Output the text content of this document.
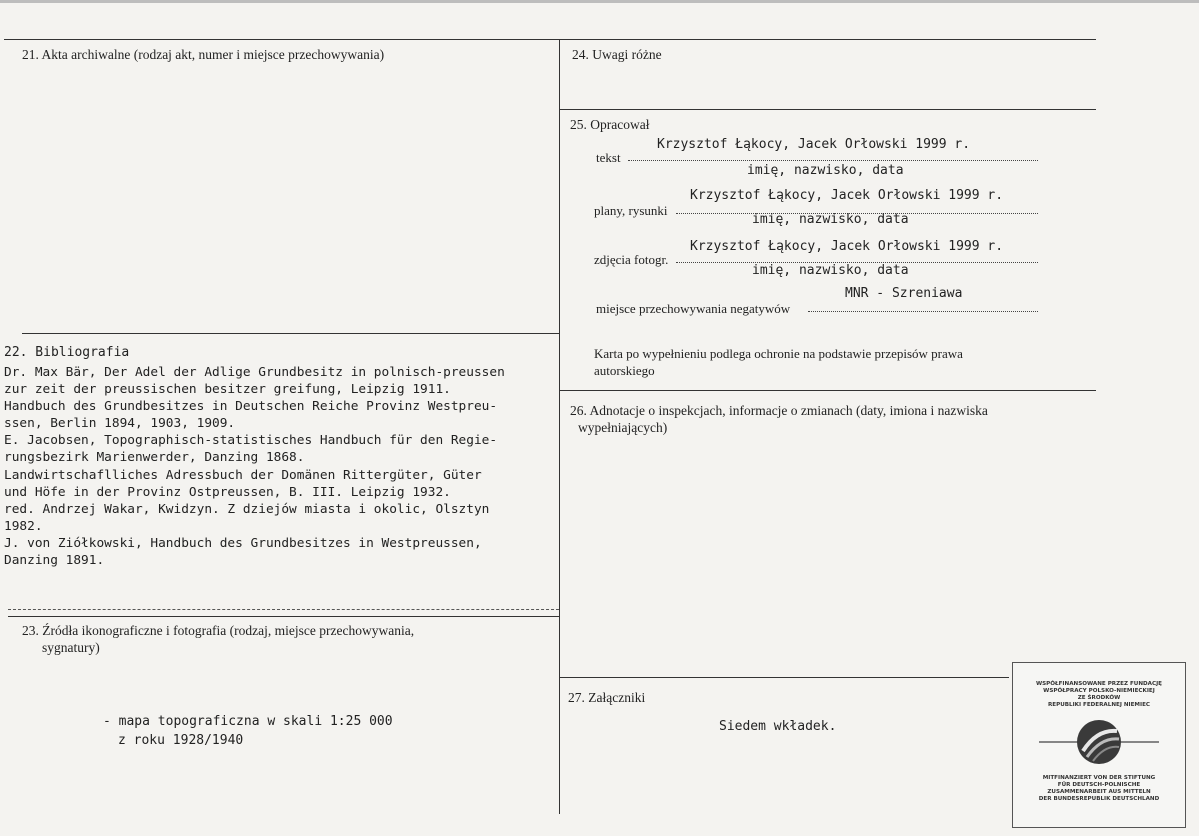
21. Akta archiwalne (rodzaj akt, numer i miejsce przechowywania)
22. Bibliografia
Dr. Max Bär, Der Adel der Adlige Grundbesitz in polnisch-preussen
zur zeit der preussischen besitzer greifung, Leipzig 1911.
Handbuch des Grundbesitzes in Deutschen Reiche Provinz Westpreu-
ssen, Berlin 1894, 1903, 1909.
E. Jacobsen, Topographisch-statistisches Handbuch für den Regie-
rungsbezirk Marienwerder, Danzing 1868.
Landwirtschaflliches Adressbuch der Domänen Rittergüter, Güter
und Höfe in der Provinz Ostpreussen, B. III. Leipzig 1932.
red. Andrzej Wakar, Kwidzyn. Z dziejów miasta i okolic, Olsztyn
1982.
J. von Ziółkowski, Handbuch des Grundbesitzes in Westpreussen,
Danzing 1891.
23. Źródła ikonograficzne i fotografia (rodzaj, miejsce przechowywania,
sygnatury)
- mapa topograficzna w skali 1:25 000
z roku 1928/1940
24. Uwagi różne
25. Opracował
tekst
Krzysztof Łąkocy, Jacek Orłowski 1999 r.
imię, nazwisko, data
plany, rysunki
Krzysztof Łąkocy, Jacek Orłowski 1999 r.
imię, nazwisko, data
zdjęcia fotogr.
Krzysztof Łąkocy, Jacek Orłowski 1999 r.
imię, nazwisko, data
miejsce przechowywania negatywów
MNR - Szreniawa
Karta po wypełnieniu podlega ochronie na podstawie przepisów prawa
autorskiego
26. Adnotacje o inspekcjach, informacje o zmianach (daty, imiona i nazwiska
wypełniających)
27. Załączniki
Siedem wkładek.
WSPÓŁFINANSOWANE PRZEZ FUNDACJĘ
WSPÓŁPRACY POLSKO-NIEMIECKIEJ
ZE ŚRODKÓW
REPUBLIKI FEDERALNEJ NIEMIEC
MITFINANZIERT VON DER STIFTUNG
FÜR DEUTSCH-POLNISCHE
ZUSAMMENARBEIT AUS MITTELN
DER BUNDESREPUBLIK DEUTSCHLAND
